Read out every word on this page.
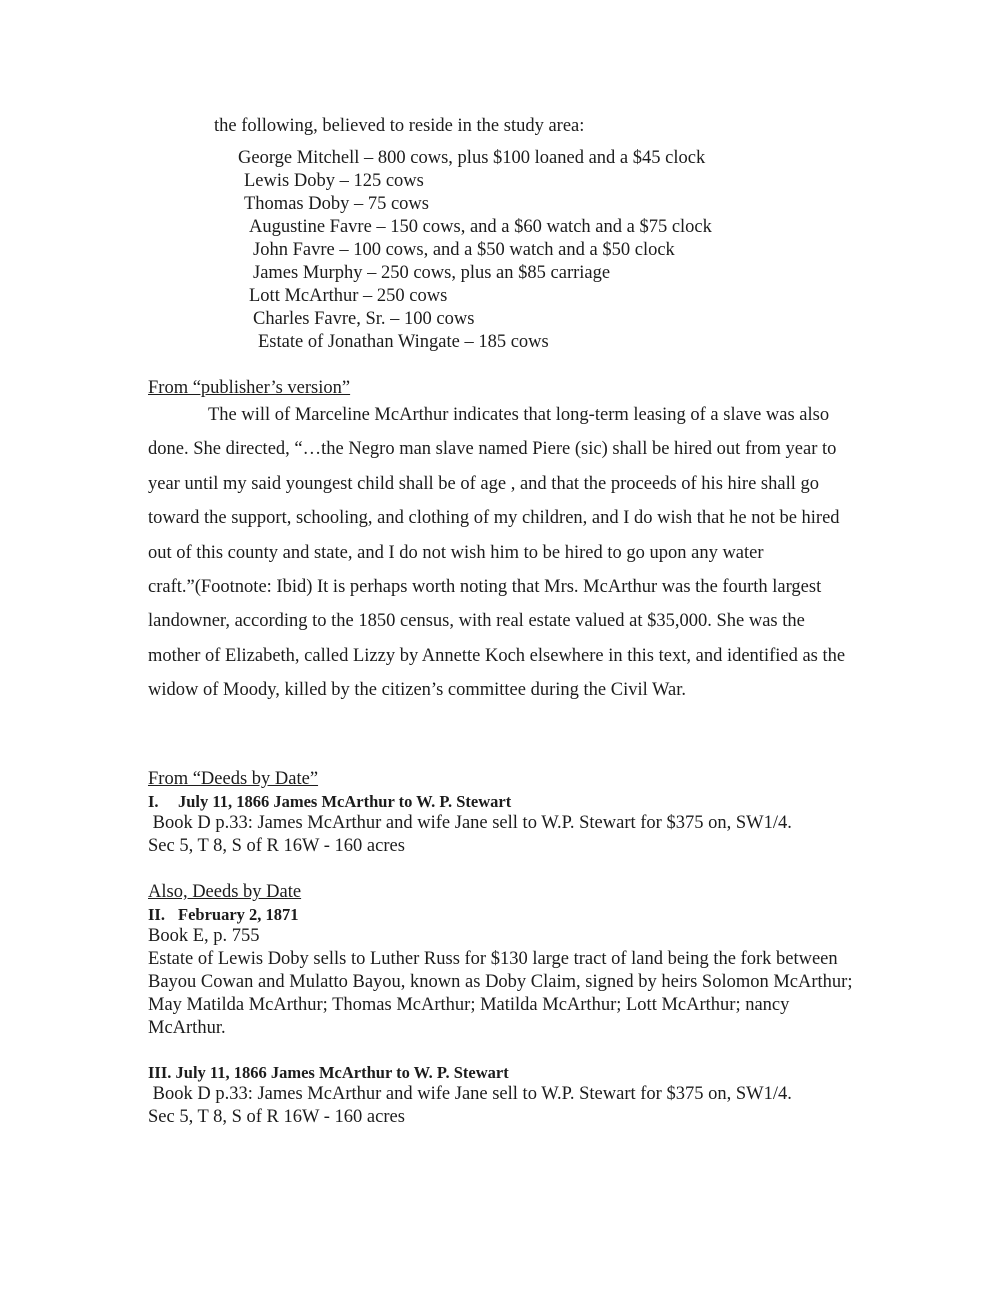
the following, believed to reside in the study area:
George Mitchell – 800 cows, plus $100 loaned and a $45 clock
Lewis Doby – 125 cows
Thomas Doby – 75 cows
Augustine Favre – 150 cows, and a $60 watch and a $75 clock
John Favre – 100 cows, and a $50 watch and a $50 clock
James Murphy – 250 cows, plus an $85 carriage
Lott McArthur – 250 cows
Charles Favre, Sr. – 100 cows
Estate of Jonathan Wingate – 185 cows
From “publisher’s version”

The will of Marceline McArthur indicates that long-term leasing of a slave was also done. She directed, “…the Negro man slave named Piere (sic) shall be hired out from year to year until my said youngest child shall be of age , and that the proceeds of his hire shall go toward the support, schooling, and clothing of my children, and I do wish that he not be hired out of this county and state, and I do not wish him to be hired to go upon any water craft.”(Footnote: Ibid) It is perhaps worth noting that Mrs. McArthur was the fourth largest landowner, according to the 1850 census, with real estate valued at $35,000. She was the mother of Elizabeth, called Lizzy by Annette Koch elsewhere in this text, and identified as the widow of Moody, killed by the citizen’s committee during the Civil War.

From “Deeds by Date”
I. July 11, 1866 James McArthur to W. P. Stewart
Book D p.33: James McArthur and wife Jane sell to W.P. Stewart for $375 on, SW1/4.
Sec 5, T 8, S of R 16W - 160 acres
Also, Deeds by Date
II. February 2, 1871
Book E, p. 755
Estate of Lewis Doby sells to Luther Russ for $130 large tract of land being the fork between Bayou Cowan and Mulatto Bayou, known as Doby Claim, signed by heirs Solomon McArthur; May Matilda McArthur; Thomas McArthur; Matilda McArthur; Lott McArthur; nancy McArthur.
III. July 11, 1866 James McArthur to W. P. Stewart
Book D p.33: James McArthur and wife Jane sell to W.P. Stewart for $375 on, SW1/4.
Sec 5, T 8, S of R 16W - 160 acres
